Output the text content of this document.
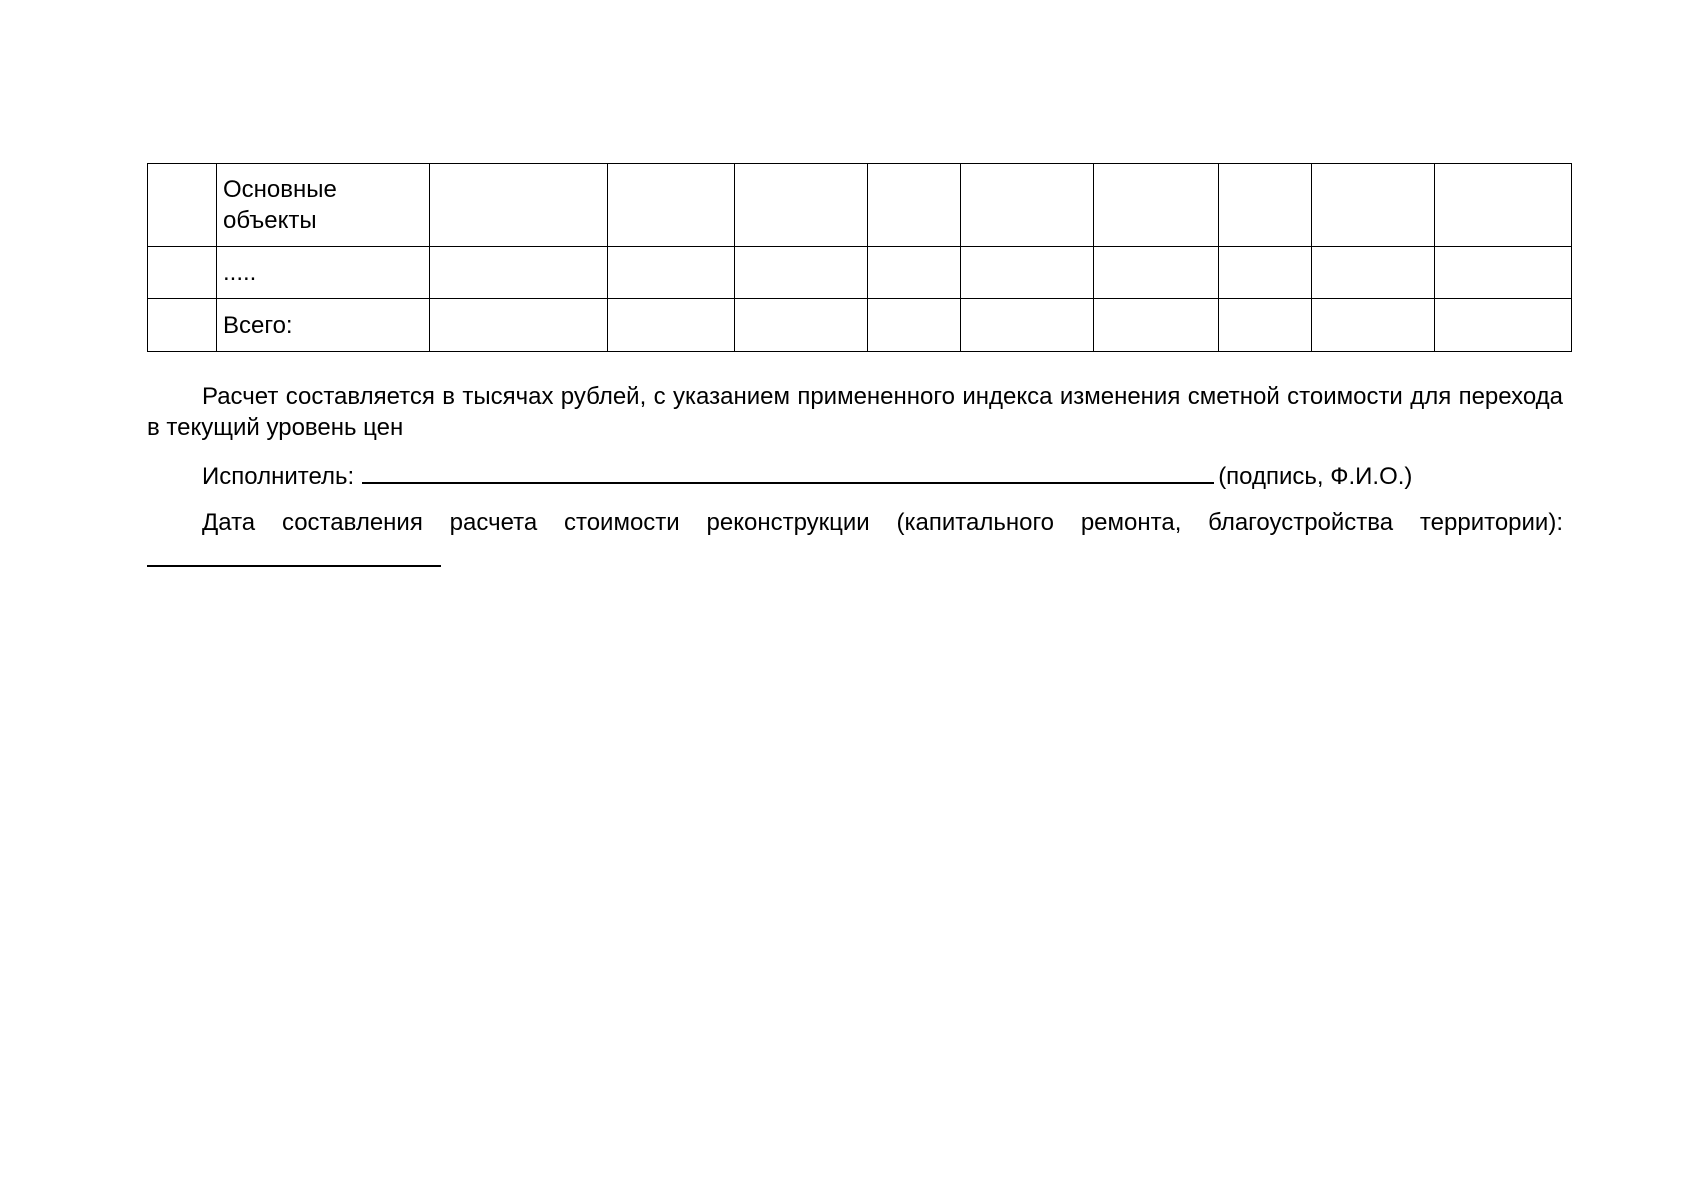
	Основные объекты									
	.....									
	Всего:									

Расчет составляется в тысячах рублей, с указанием примененного индекса изменения сметной стоимости для перехода в текущий уровень цен

Исполнитель:	(подпись, Ф.И.О.)

Дата составления расчета стоимости реконструкции (капитального ремонта, благоустройства территории):
